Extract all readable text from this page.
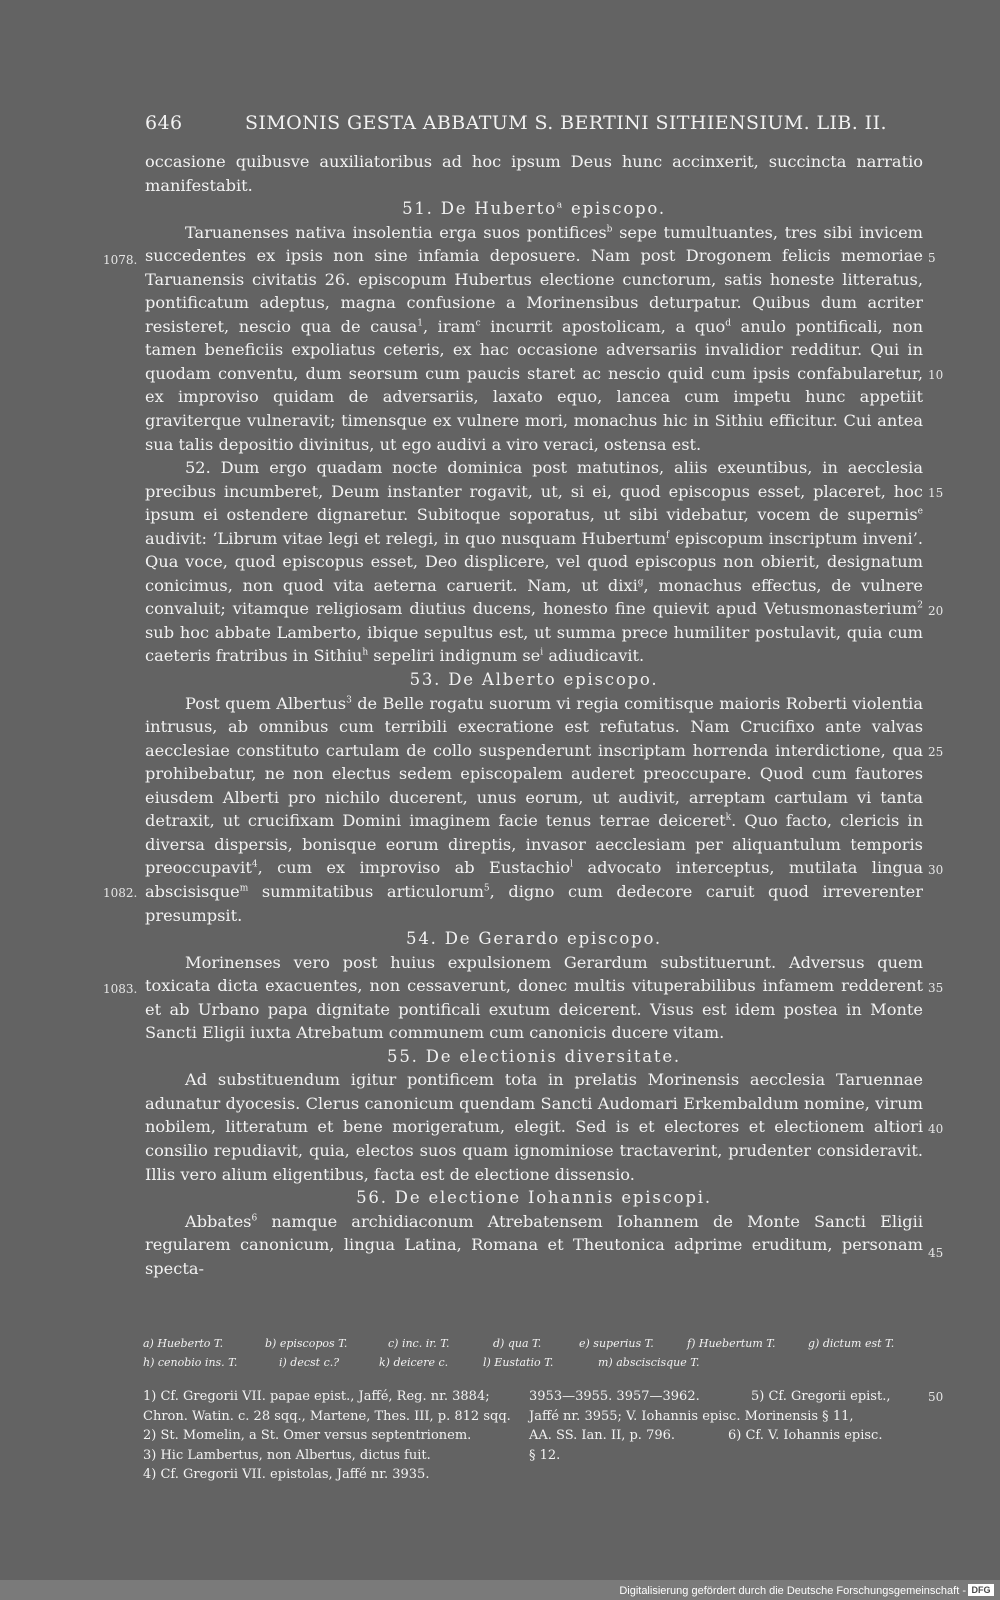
646	SIMONIS GESTA ABBATUM S. BERTINI SITHIENSIUM. LIB. II.

occasione quibusve auxiliatoribus ad hoc ipsum Deus hunc accinxerit, succincta narratio manifestabit.

51. De Huberto$^a$ episcopo.

Taruanenses nativa insolentia erga suos pontifices$^b$ sepe tumultuantes, tres sibi invicem succedentes ex ipsis non sine infamia deposuere. Nam post Drogonem felicis memoriae Taruanensis civitatis 26. episcopum Hubertus electione cunctorum, satis honeste litteratus, pontificatum adeptus, magna confusione a Morinensibus deturpatur. Quibus dum acriter resisteret, nescio qua de causa$^1$, iram$^c$ incurrit apostolicam, a quo$^d$ anulo pontificali, non tamen beneficiis expoliatus ceteris, ex hac occasione adversariis invalidior redditur. Qui in quodam conventu, dum seorsum cum paucis staret ac nescio quid cum ipsis confabularetur, ex improviso quidam de adversariis, laxato equo, lancea cum impetu hunc appetiit graviterque vulneravit; timensque ex vulnere mori, monachus hic in Sithiu efficitur. Cui antea sua talis depositio divinitus, ut ego audivi a viro veraci, ostensa est.

52. Dum ergo quadam nocte dominica post matutinos, aliis exeuntibus, in aecclesia precibus incumberet, Deum instanter rogavit, ut, si ei, quod episcopus esset, placeret, hoc ipsum ei ostendere dignaretur. Subitoque soporatus, ut sibi videbatur, vocem de supernis$^e$ audivit: ‘Librum vitae legi et relegi, in quo nusquam Hubertum$^f$ episcopum inscriptum inveni’. Qua voce, quod episcopus esset, Deo displicere, vel quod episcopus non obierit, designatum conicimus, non quod vita aeterna caruerit. Nam, ut dixi$^g$, monachus effectus, de vulnere convaluit; vitamque religiosam diutius ducens, honesto fine quievit apud Vetusmonasterium$^2$ sub hoc abbate Lamberto, ibique sepultus est, ut summa prece humiliter postulavit, quia cum caeteris fratribus in Sithiu$^h$ sepeliri indignum $se^i$ adiudicavit.

53. De Alberto episcopo.

Post quem Albertus$^3$ de Belle rogatu suorum vi regia comitisque maioris Roberti violentia intrusus, ab omnibus cum terribili execratione est refutatus. Nam Crucifixo ante valvas aecclesiae constituto cartulam de collo suspenderunt inscriptam horrenda interdictione, qua prohibebatur, ne non electus sedem episcopalem auderet preoccupare. Quod cum fautores eiusdem Alberti pro nichilo ducerent, unus eorum, ut audivit, arreptam cartulam vi tanta detraxit, ut crucifixam Domini imaginem facie tenus terrae deiceret$^k$. Quo facto, clericis in diversa dispersis, bonisque eorum direptis, invasor aecclesiam per aliquantulum temporis preoccupavit$^4$, cum ex improviso ab Eustachio$^l$ advocato interceptus, mutilata lingua abscisisque$^m$ summitatibus articulorum$^5$, digno cum dedecore caruit quod irreverenter presumpsit.

54. De Gerardo episcopo.

Morinenses vero post huius expulsionem Gerardum substituerunt. Adversus quem toxicata dicta exacuentes, non cessaverunt, donec multis vituperabilibus infamem redderent et ab Urbano papa dignitate pontificali exutum deicerent. Visus est idem postea in Monte Sancti Eligii iuxta Atrebatum communem cum canonicis ducere vitam.

55. De electionis diversitate.

Ad substituendum igitur pontificem tota in prelatis Morinensis aecclesia Taruennae adunatur dyocesis. Clerus canonicum quendam Sancti Audomari Erkembaldum nomine, virum nobilem, litteratum et bene morigeratum, elegit. Sed is et electores et electionem altiori consilio repudiavit, quia, electos suos quam ignominiose tractaverint, prudenter consideravit. Illis vero alium eligentibus, facta est de electione dissensio.

56. De electione Iohannis episcopi.

Abbates$^6$ namque archidiaconum Atrebatensem Iohannem de Monte Sancti Eligii regularem canonicum, lingua Latina, Romana et Theutonica adprime eruditum, personam specta-

5
10
15
20
25
30
35
40
45
50
1078.
1082.
1083.
a) Hueberto T.	b) episcopos T.	c) inc. ir. T.	d) qua T.	e) superius T.	f) Huebertum T.	g) dictum est T.
h) cenobio ins. T.	i) decst c.?	k) deicere c.	l) Eustatio T.	m) absciscisque T.
1) Cf. Gregorii VII. papae epist., Jaffé, Reg. nr. 3884;	3953—3955. 3957—3962.	5) Cf. Gregorii epist.,
Chron. Watin. c. 28 sqq., Martene, Thes. III, p. 812 sqq. Jaffé nr. 3955; V. Iohannis episc. Morinensis § 11,
2) St. Momelin, a St. Omer versus septentrionem.	AA. SS. Ian. II, p. 796.	6) Cf. V. Iohannis episc.
3) Hic Lambertus, non Albertus, dictus fuit.	§ 12.
4) Cf. Gregorii VII. epistolas, Jaffé nr. 3935.
Digitalisierung gefördert durch die Deutsche Forschungsgemeinschaft - DFG
